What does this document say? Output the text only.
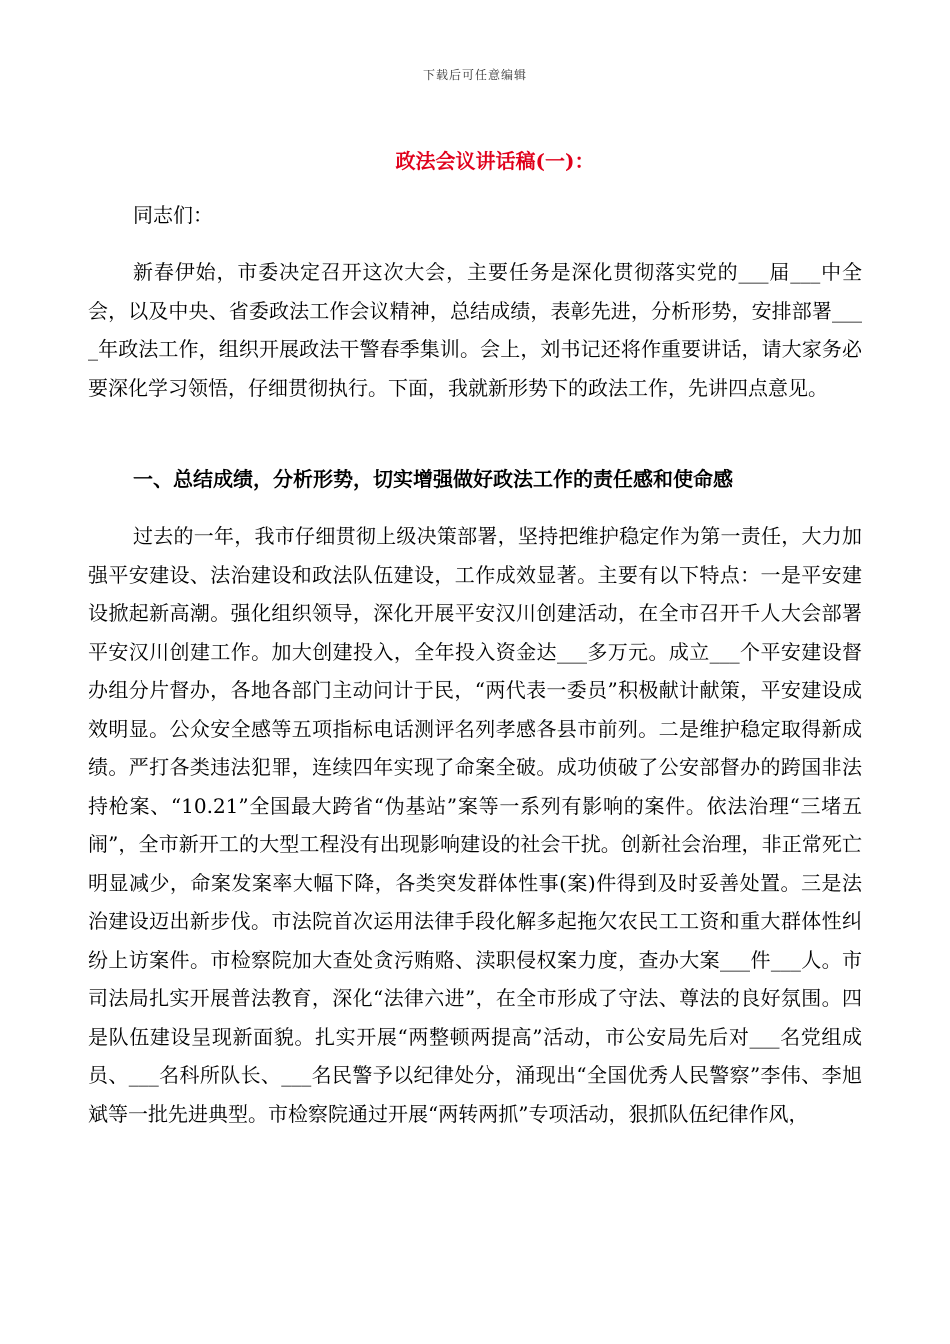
下载后可任意编辑
政法会议讲话稿(一)：

同志们：

新春伊始，市委决定召开这次大会，主要任务是深化贯彻落实党的___届___中全会，以及中央、省委政法工作会议精神，总结成绩，表彰先进，分析形势，安排部署____年政法工作，组织开展政法干警春季集训。会上，刘书记还将作重要讲话，请大家务必要深化学习领悟，仔细贯彻执行。下面，我就新形势下的政法工作，先讲四点意见。

一、总结成绩，分析形势，切实增强做好政法工作的责任感和使命感

过去的一年，我市仔细贯彻上级决策部署，坚持把维护稳定作为第一责任，大力加强平安建设、法治建设和政法队伍建设，工作成效显著。主要有以下特点：一是平安建设掀起新高潮。强化组织领导，深化开展平安汉川创建活动，在全市召开千人大会部署平安汉川创建工作。加大创建投入，全年投入资金达___多万元。成立___个平安建设督办组分片督办，各地各部门主动问计于民，“两代表一委员”积极献计献策，平安建设成效明显。公众安全感等五项指标电话测评名列孝感各县市前列。二是维护稳定取得新成绩。严打各类违法犯罪，连续四年实现了命案全破。成功侦破了公安部督办的跨国非法持枪案、“10.21”全国最大跨省“伪基站”案等一系列有影响的案件。依法治理“三堵五闹”，全市新开工的大型工程没有出现影响建设的社会干扰。创新社会治理，非正常死亡明显减少，命案发案率大幅下降，各类突发群体性事(案)件得到及时妥善处置。三是法治建设迈出新步伐。市法院首次运用法律手段化解多起拖欠农民工工资和重大群体性纠纷上访案件。市检察院加大查处贪污贿赂、渎职侵权案力度，查办大案___件___人。市司法局扎实开展普法教育，深化“法律六进”，在全市形成了守法、尊法的良好氛围。四是队伍建设呈现新面貌。扎实开展“两整顿两提高”活动，市公安局先后对___名党组成员、___名科所队长、___名民警予以纪律处分，涌现出“全国优秀人民警察”李伟、李旭斌等一批先进典型。市检察院通过开展“两转两抓”专项活动，狠抓队伍纪律作风，
